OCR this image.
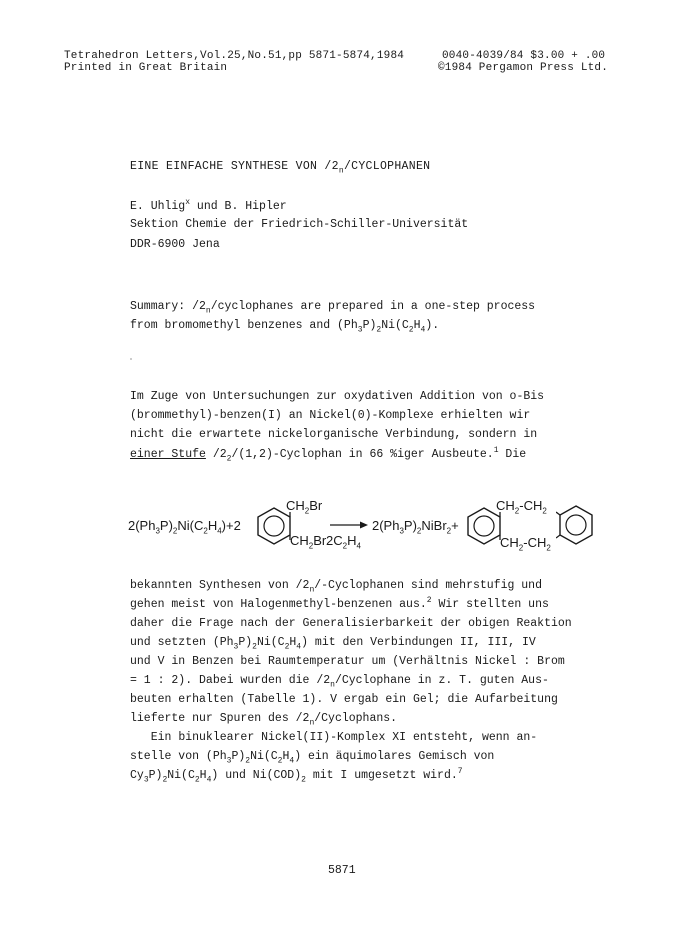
Tetrahedron Letters,Vol.25,No.51,pp 5871-5874,1984
Printed in Great Britain
0040-4039/84 $3.00 + .00
©1984 Pergamon Press Ltd.
EINE EINFACHE SYNTHESE VON $/2_n$/CYCLOPHANEN
E. Uhlig$^x$ und B. Hipler
Sektion Chemie der Friedrich-Schiller-Universität
DDR-6900 Jena
Summary: $/2_n$/cyclophanes are prepared in a one-step process
from bromomethyl benzenes and $(Ph_3P)_2Ni(C_2H_4)$.
Im Zuge von Untersuchungen zur oxydativen Addition von o-Bis
(brommethyl)-benzen(I) an Nickel(0)-Komplexe erhielten wir
nicht die erwartete nickelorganische Verbindung, sondern in
einer Stufe $/2_2/(1,2)$-Cyclophan in 66 %iger Ausbeute.$^1$ Die
$2(Ph_3P)_2Ni(C_2H_4)+2$
$CH_2Br$
$CH_2Br$ $2C_2H_4$
$2(Ph_3P)_2NiBr_2+$
$CH_2-CH_2$
$CH_2-CH_2$
bekannten Synthesen von $/2_n/$-Cyclophanen sind mehrstufig und
gehen meist von Halogenmethyl-benzenen aus.$^2$ Wir stellten uns
daher die Frage nach der Generalisierbarkeit der obigen Reaktion
und setzten $(Ph_3P)_2Ni(C_2H_4)$ mit den Verbindungen II, III, IV
und V in Benzen bei Raumtemperatur um (Verhältnis Nickel : Brom
= 1 : 2). Dabei wurden die $/2_n$/Cyclophane in z. T. guten Aus-
beuten erhalten (Tabelle 1). V ergab ein Gel; die Aufarbeitung
lieferte nur Spuren des $/2_n$/Cyclophans.
Ein binuklearer Nickel(II)-Komplex XI entsteht, wenn an-
stelle von $(Ph_3P)_2Ni(C_2H_4)$ ein äquimolares Gemisch von
$Cy_3P)_2Ni(C_2H_4)$ und $Ni(COD)_2$ mit I umgesetzt wird.$^7$
5871
